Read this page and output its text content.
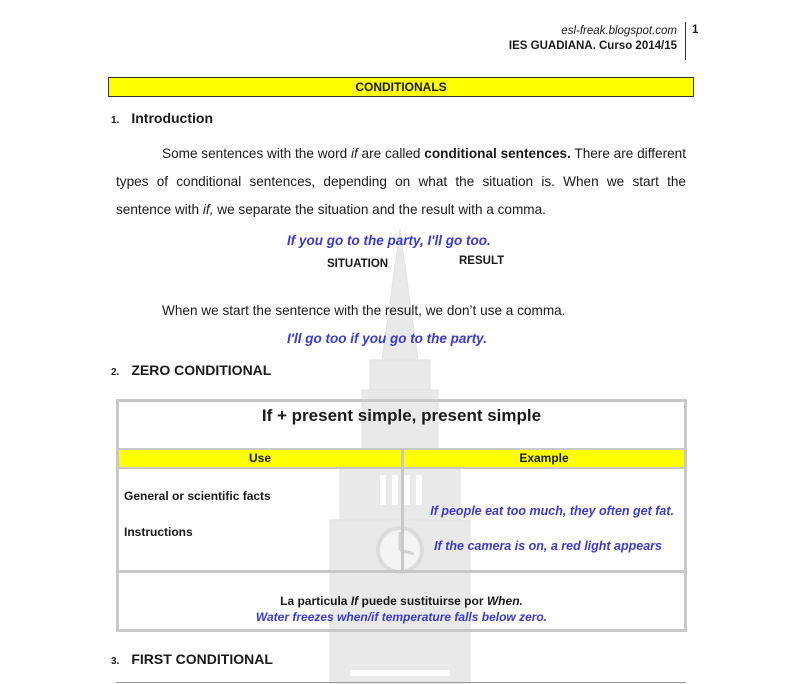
esl-freak.blogspot.com
IES GUADIANA. Curso 2014/15
1
CONDITIONALS
1. Introduction

Some sentences with the word if are called conditional sentences. There are different types of conditional sentences, depending on what the situation is. When we start the sentence with if, we separate the situation and the result with a comma.

If you go to the party, I'll go too.
SITUATION	RESULT

When we start the sentence with the result, we don’t use a comma.

I'll go too if you go to the party.
2. ZERO CONDITIONAL
If + present simple, present simple
Use	Example
General or scientific facts
Instructions
If people eat too much, they often get fat.
If the camera is on, a red light appears
La particula If puede sustituirse por When.
Water freezes when/if temperature falls below zero.
3. FIRST CONDITIONAL
